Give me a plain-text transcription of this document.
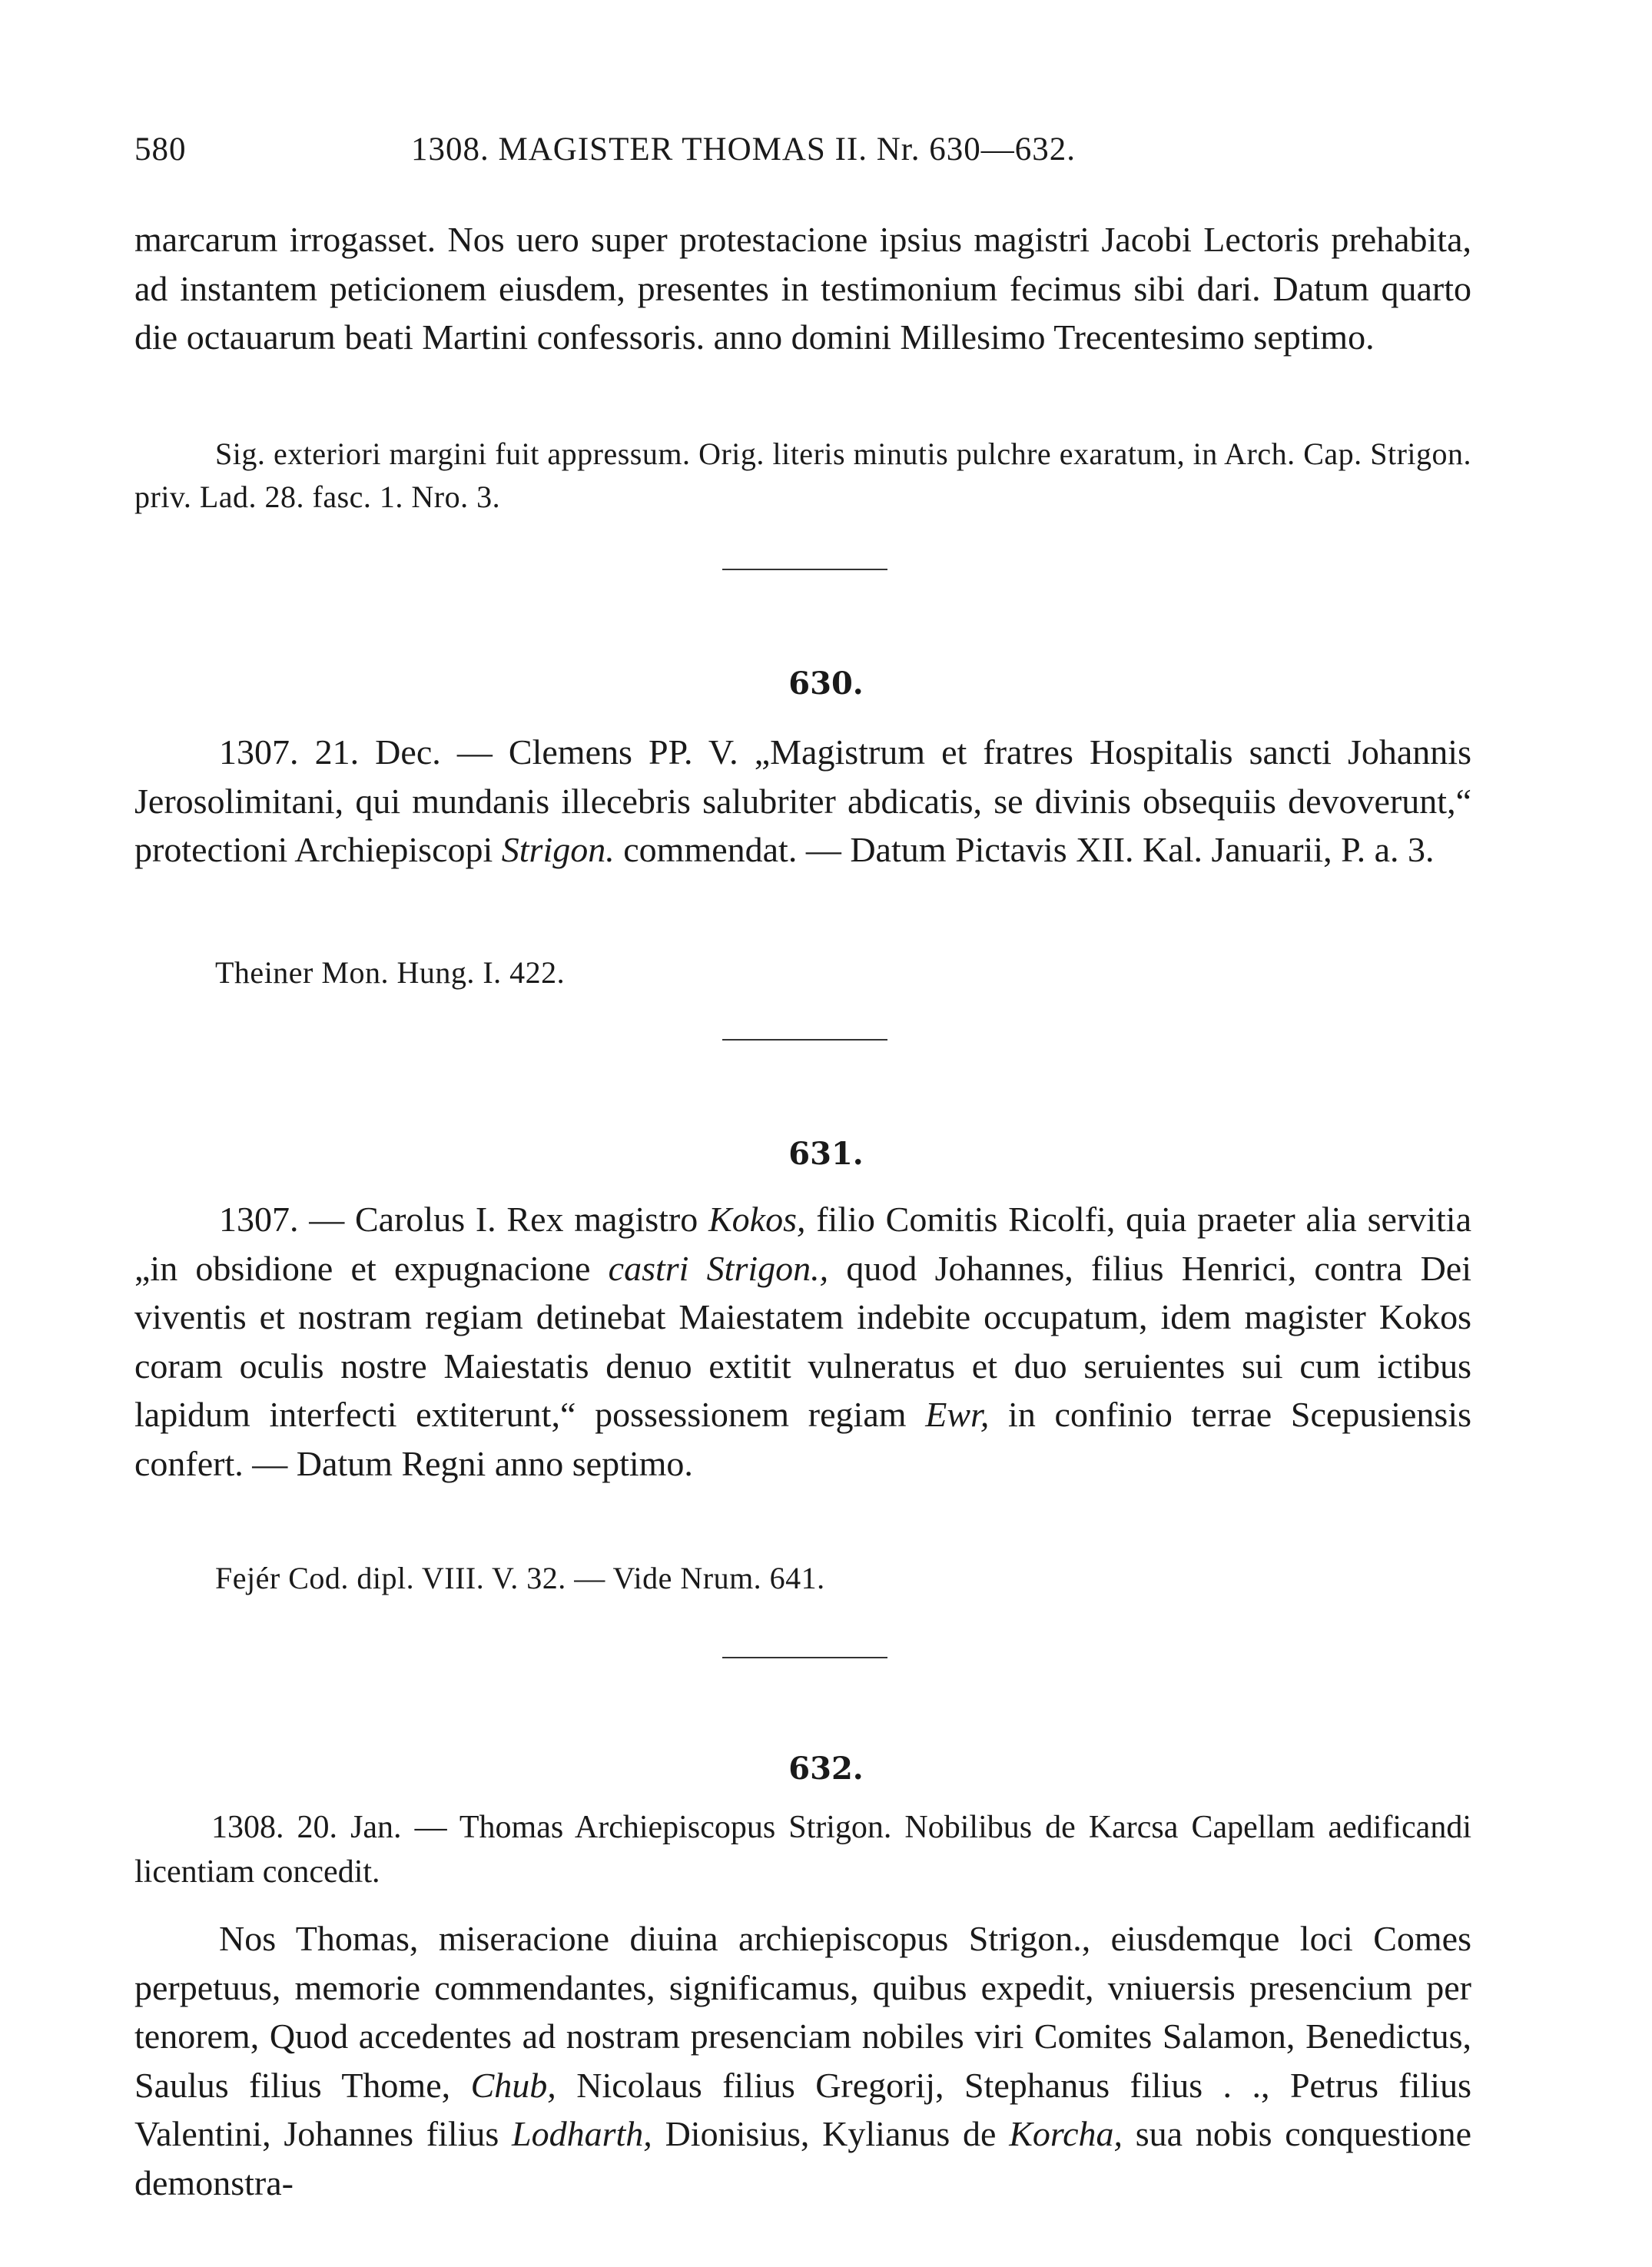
580	1308. MAGISTER THOMAS II. Nr. 630—632.
marcarum irrogasset. Nos uero super protestacione ipsius magistri Jacobi Lectoris prehabita, ad instantem peticionem eiusdem, presentes in testimonium fecimus sibi dari. Datum quarto die octauarum beati Martini confessoris. anno domini Millesimo Trecentesimo septimo.
Sig. exteriori margini fuit appressum. Orig. literis minutis pulchre exaratum, in Arch. Cap. Strigon. priv. Lad. 28. fasc. 1. Nro. 3.
630.
1307. 21. Dec. — Clemens PP. V. „Magistrum et fratres Hospitalis sancti Johannis Jerosolimitani, qui mundanis illecebris salubriter abdicatis, se divinis obsequiis devoverunt,“ protectioni Archiepiscopi Strigon. commendat. — Datum Pictavis XII. Kal. Januarii, P. a. 3.
Theiner Mon. Hung. I. 422.
631.
1307. — Carolus I. Rex magistro Kokos, filio Comitis Ricolfi, quia praeter alia servitia „in obsidione et expugnacione castri Strigon., quod Johannes, filius Henrici, contra Dei viventis et nostram regiam detinebat Maiestatem indebite occupatum, idem magister Kokos coram oculis nostre Maiestatis denuo extitit vulneratus et duo seruientes sui cum ictibus lapidum interfecti extiterunt,“ possessionem regiam Ewr, in confinio terrae Scepusiensis confert. — Datum Regni anno septimo.
Fejér Cod. dipl. VIII. V. 32. — Vide Nrum. 641.
632.
1308. 20. Jan. — Thomas Archiepiscopus Strigon. Nobilibus de Karcsa Capellam aedificandi licentiam concedit.
Nos Thomas, miseracione diuina archiepiscopus Strigon., eiusdemque loci Comes perpetuus, memorie commendantes, significamus, quibus expedit, vniuersis presencium per tenorem, Quod accedentes ad nostram presenciam nobiles viri Comites Salamon, Benedictus, Saulus filius Thome, Chub, Nicolaus filius Gregorij, Stephanus filius . ., Petrus filius Valentini, Johannes filius Lodharth, Dionisius, Kylianus de Korcha, sua nobis conquestione demonstra-
